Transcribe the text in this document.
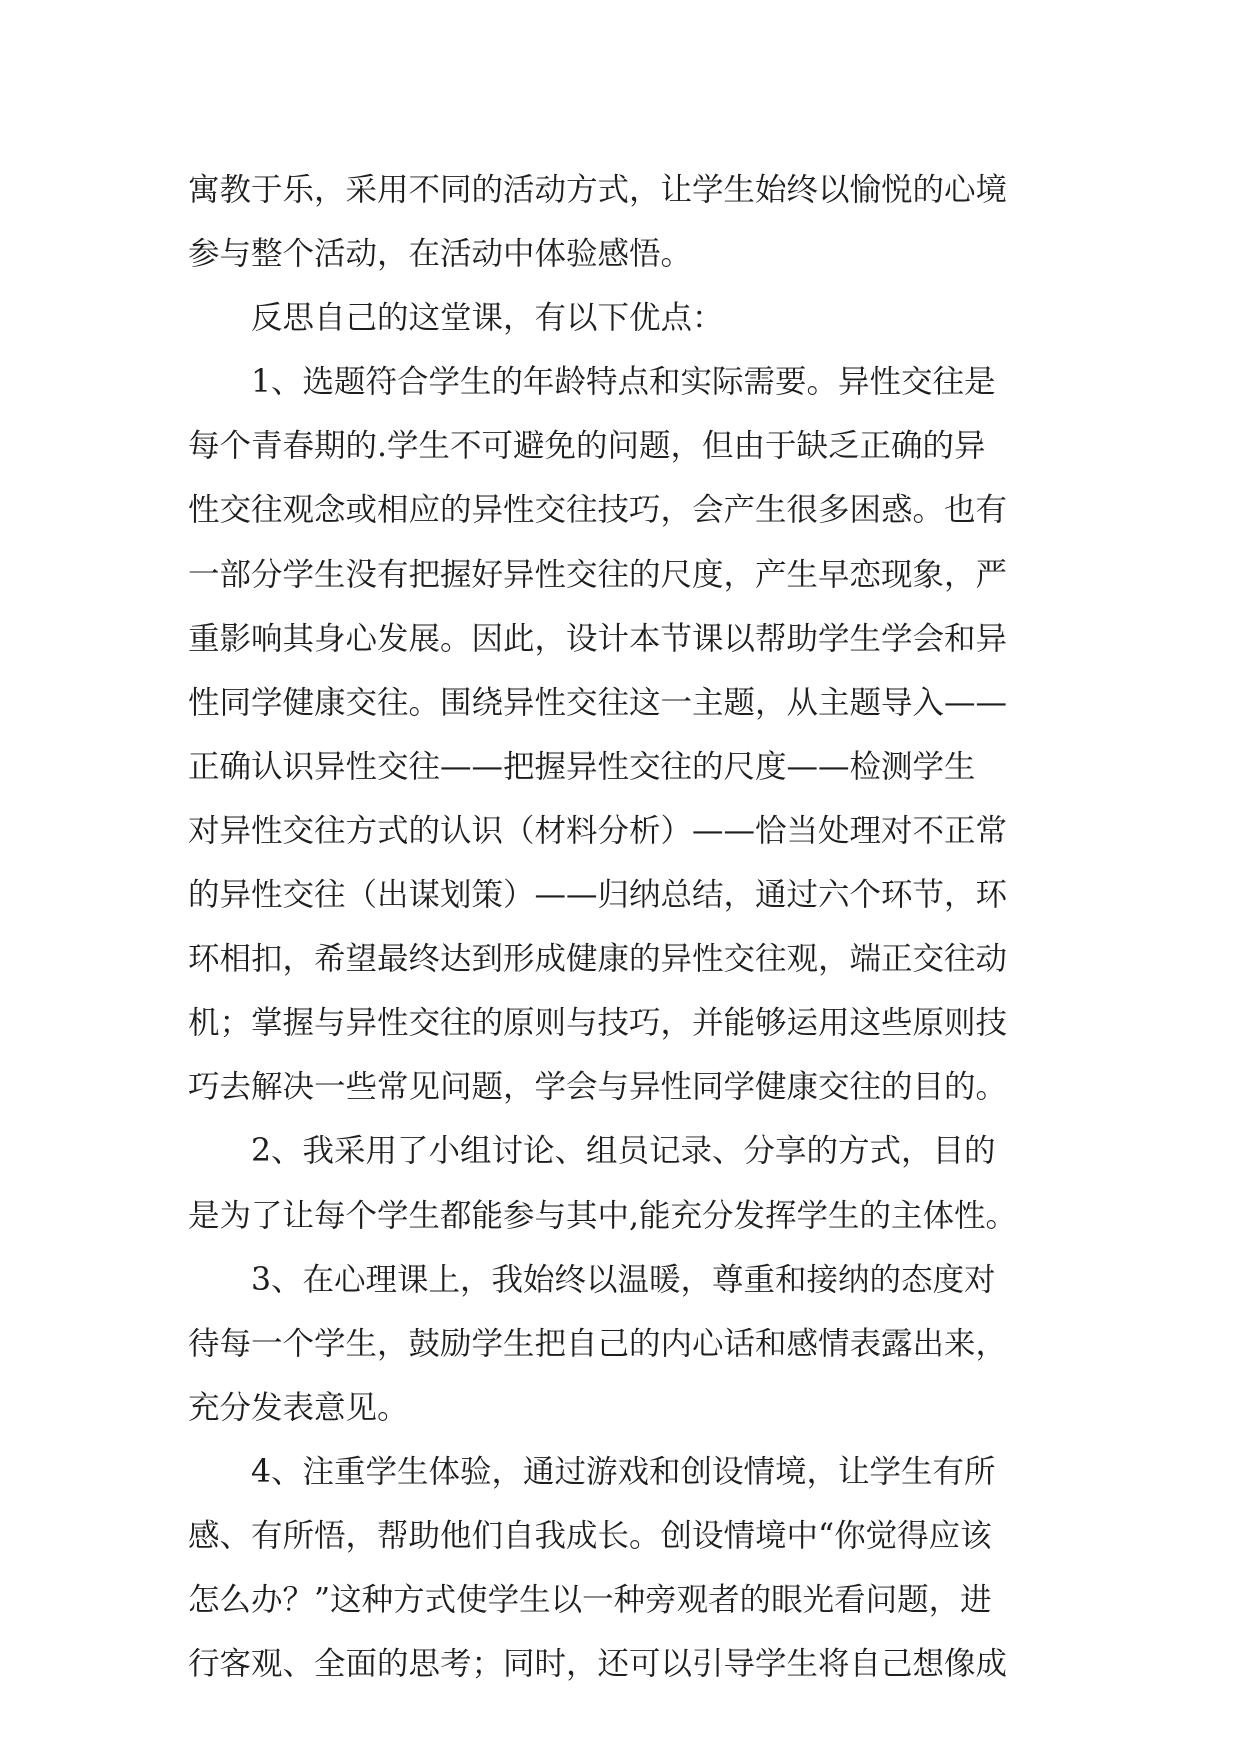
寓教于乐，采用不同的活动方式，让学生始终以愉悦的心境
参与整个活动，在活动中体验感悟。
　　反思自己的这堂课，有以下优点：
　　1、选题符合学生的年龄特点和实际需要。异性交往是
每个青春期的.学生不可避免的问题，但由于缺乏正确的异
性交往观念或相应的异性交往技巧，会产生很多困惑。也有
一部分学生没有把握好异性交往的尺度，产生早恋现象，严
重影响其身心发展。因此，设计本节课以帮助学生学会和异
性同学健康交往。围绕异性交往这一主题，从主题导入——
正确认识异性交往——把握异性交往的尺度——检测学生
对异性交往方式的认识（材料分析）——恰当处理对不正常
的异性交往（出谋划策）——归纳总结，通过六个环节，环
环相扣，希望最终达到形成健康的异性交往观，端正交往动
机；掌握与异性交往的原则与技巧，并能够运用这些原则技
巧去解决一些常见问题，学会与异性同学健康交往的目的。
　　2、我采用了小组讨论、组员记录、分享的方式，目的
是为了让每个学生都能参与其中,能充分发挥学生的主体性。
　　3、在心理课上，我始终以温暖，尊重和接纳的态度对
待每一个学生，鼓励学生把自己的内心话和感情表露出来，
充分发表意见。
　　4、注重学生体验，通过游戏和创设情境，让学生有所
感、有所悟，帮助他们自我成长。创设情境中“你觉得应该
怎么办？”这种方式使学生以一种旁观者的眼光看问题，进
行客观、全面的思考；同时，还可以引导学生将自己想像成
